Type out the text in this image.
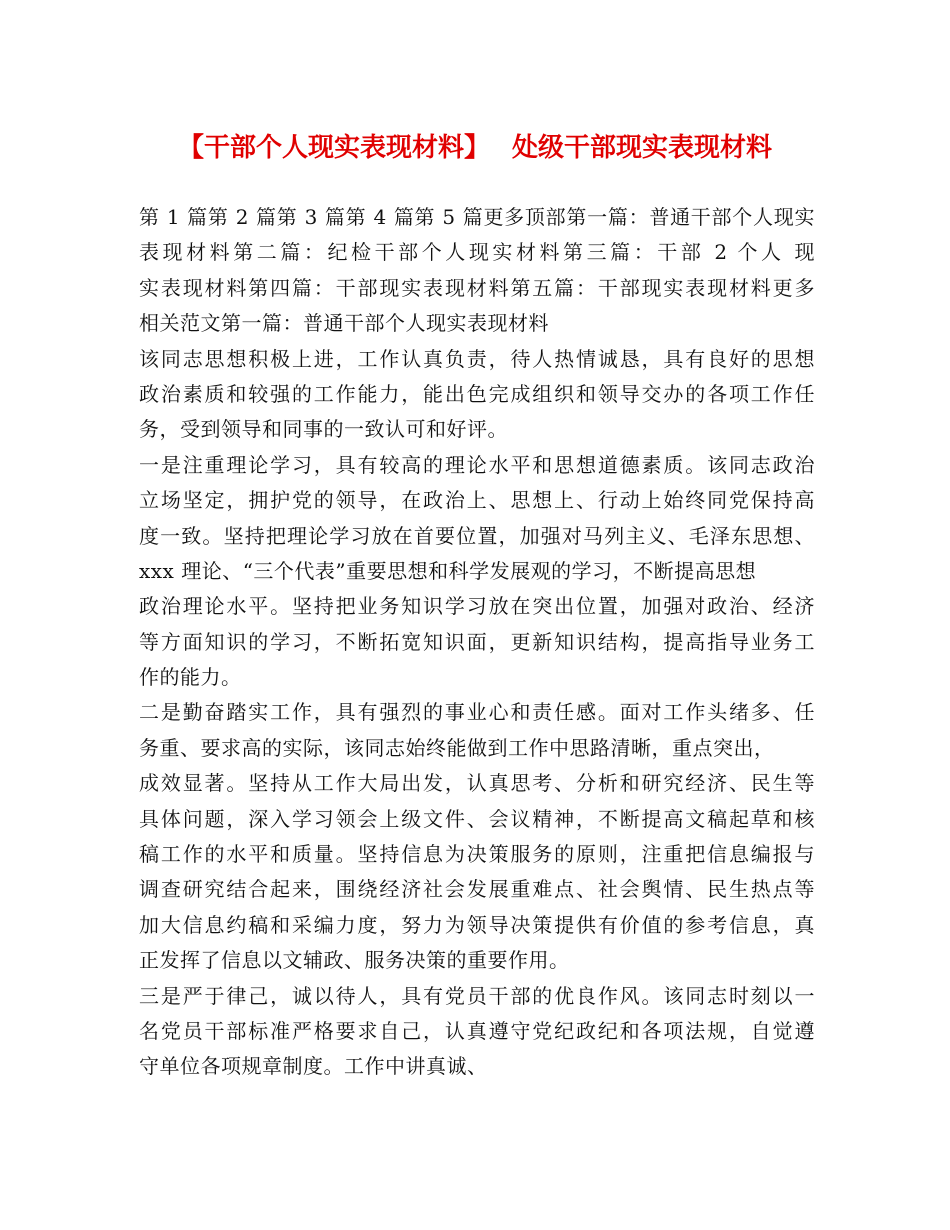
【干部个人现实表现材料】 处级干部现实表现材料
第 1 篇第 2 篇第 3 篇第 4 篇第 5 篇更多顶部第一篇：普通干部个人现实
表现材料第二篇：纪检干部个人现实材料第三篇：干部 2 个人 现
实表现材料第四篇：干部现实表现材料第五篇：干部现实表现材料更多
相关范文第一篇：普通干部个人现实表现材料
该同志思想积极上进，工作认真负责，待人热情诚恳，具有良好的思想
政治素质和较强的工作能力，能出色完成组织和领导交办的各项工作任
务，受到领导和同事的一致认可和好评。
一是注重理论学习，具有较高的理论水平和思想道德素质。该同志政治
立场坚定，拥护党的领导，在政治上、思想上、行动上始终同党保持高
度一致。坚持把理论学习放在首要位置，加强对马列主义、毛泽东思想、
xxx 理论、“三个代表”重要思想和科学发展观的学习，不断提高思想
政治理论水平。坚持把业务知识学习放在突出位置，加强对政治、经济
等方面知识的学习，不断拓宽知识面，更新知识结构，提高指导业务工
作的能力。
二是勤奋踏实工作，具有强烈的事业心和责任感。面对工作头绪多、任
务重、要求高的实际，该同志始终能做到工作中思路清晰，重点突出，
成效显著。坚持从工作大局出发，认真思考、分析和研究经济、民生等
具体问题，深入学习领会上级文件、会议精神，不断提高文稿起草和核
稿工作的水平和质量。坚持信息为决策服务的原则，注重把信息编报与
调查研究结合起来，围绕经济社会发展重难点、社会舆情、民生热点等
加大信息约稿和采编力度，努力为领导决策提供有价值的参考信息，真
正发挥了信息以文辅政、服务决策的重要作用。
三是严于律己，诚以待人，具有党员干部的优良作风。该同志时刻以一
名党员干部标准严格要求自己，认真遵守党纪政纪和各项法规，自觉遵
守单位各项规章制度。工作中讲真诚、
